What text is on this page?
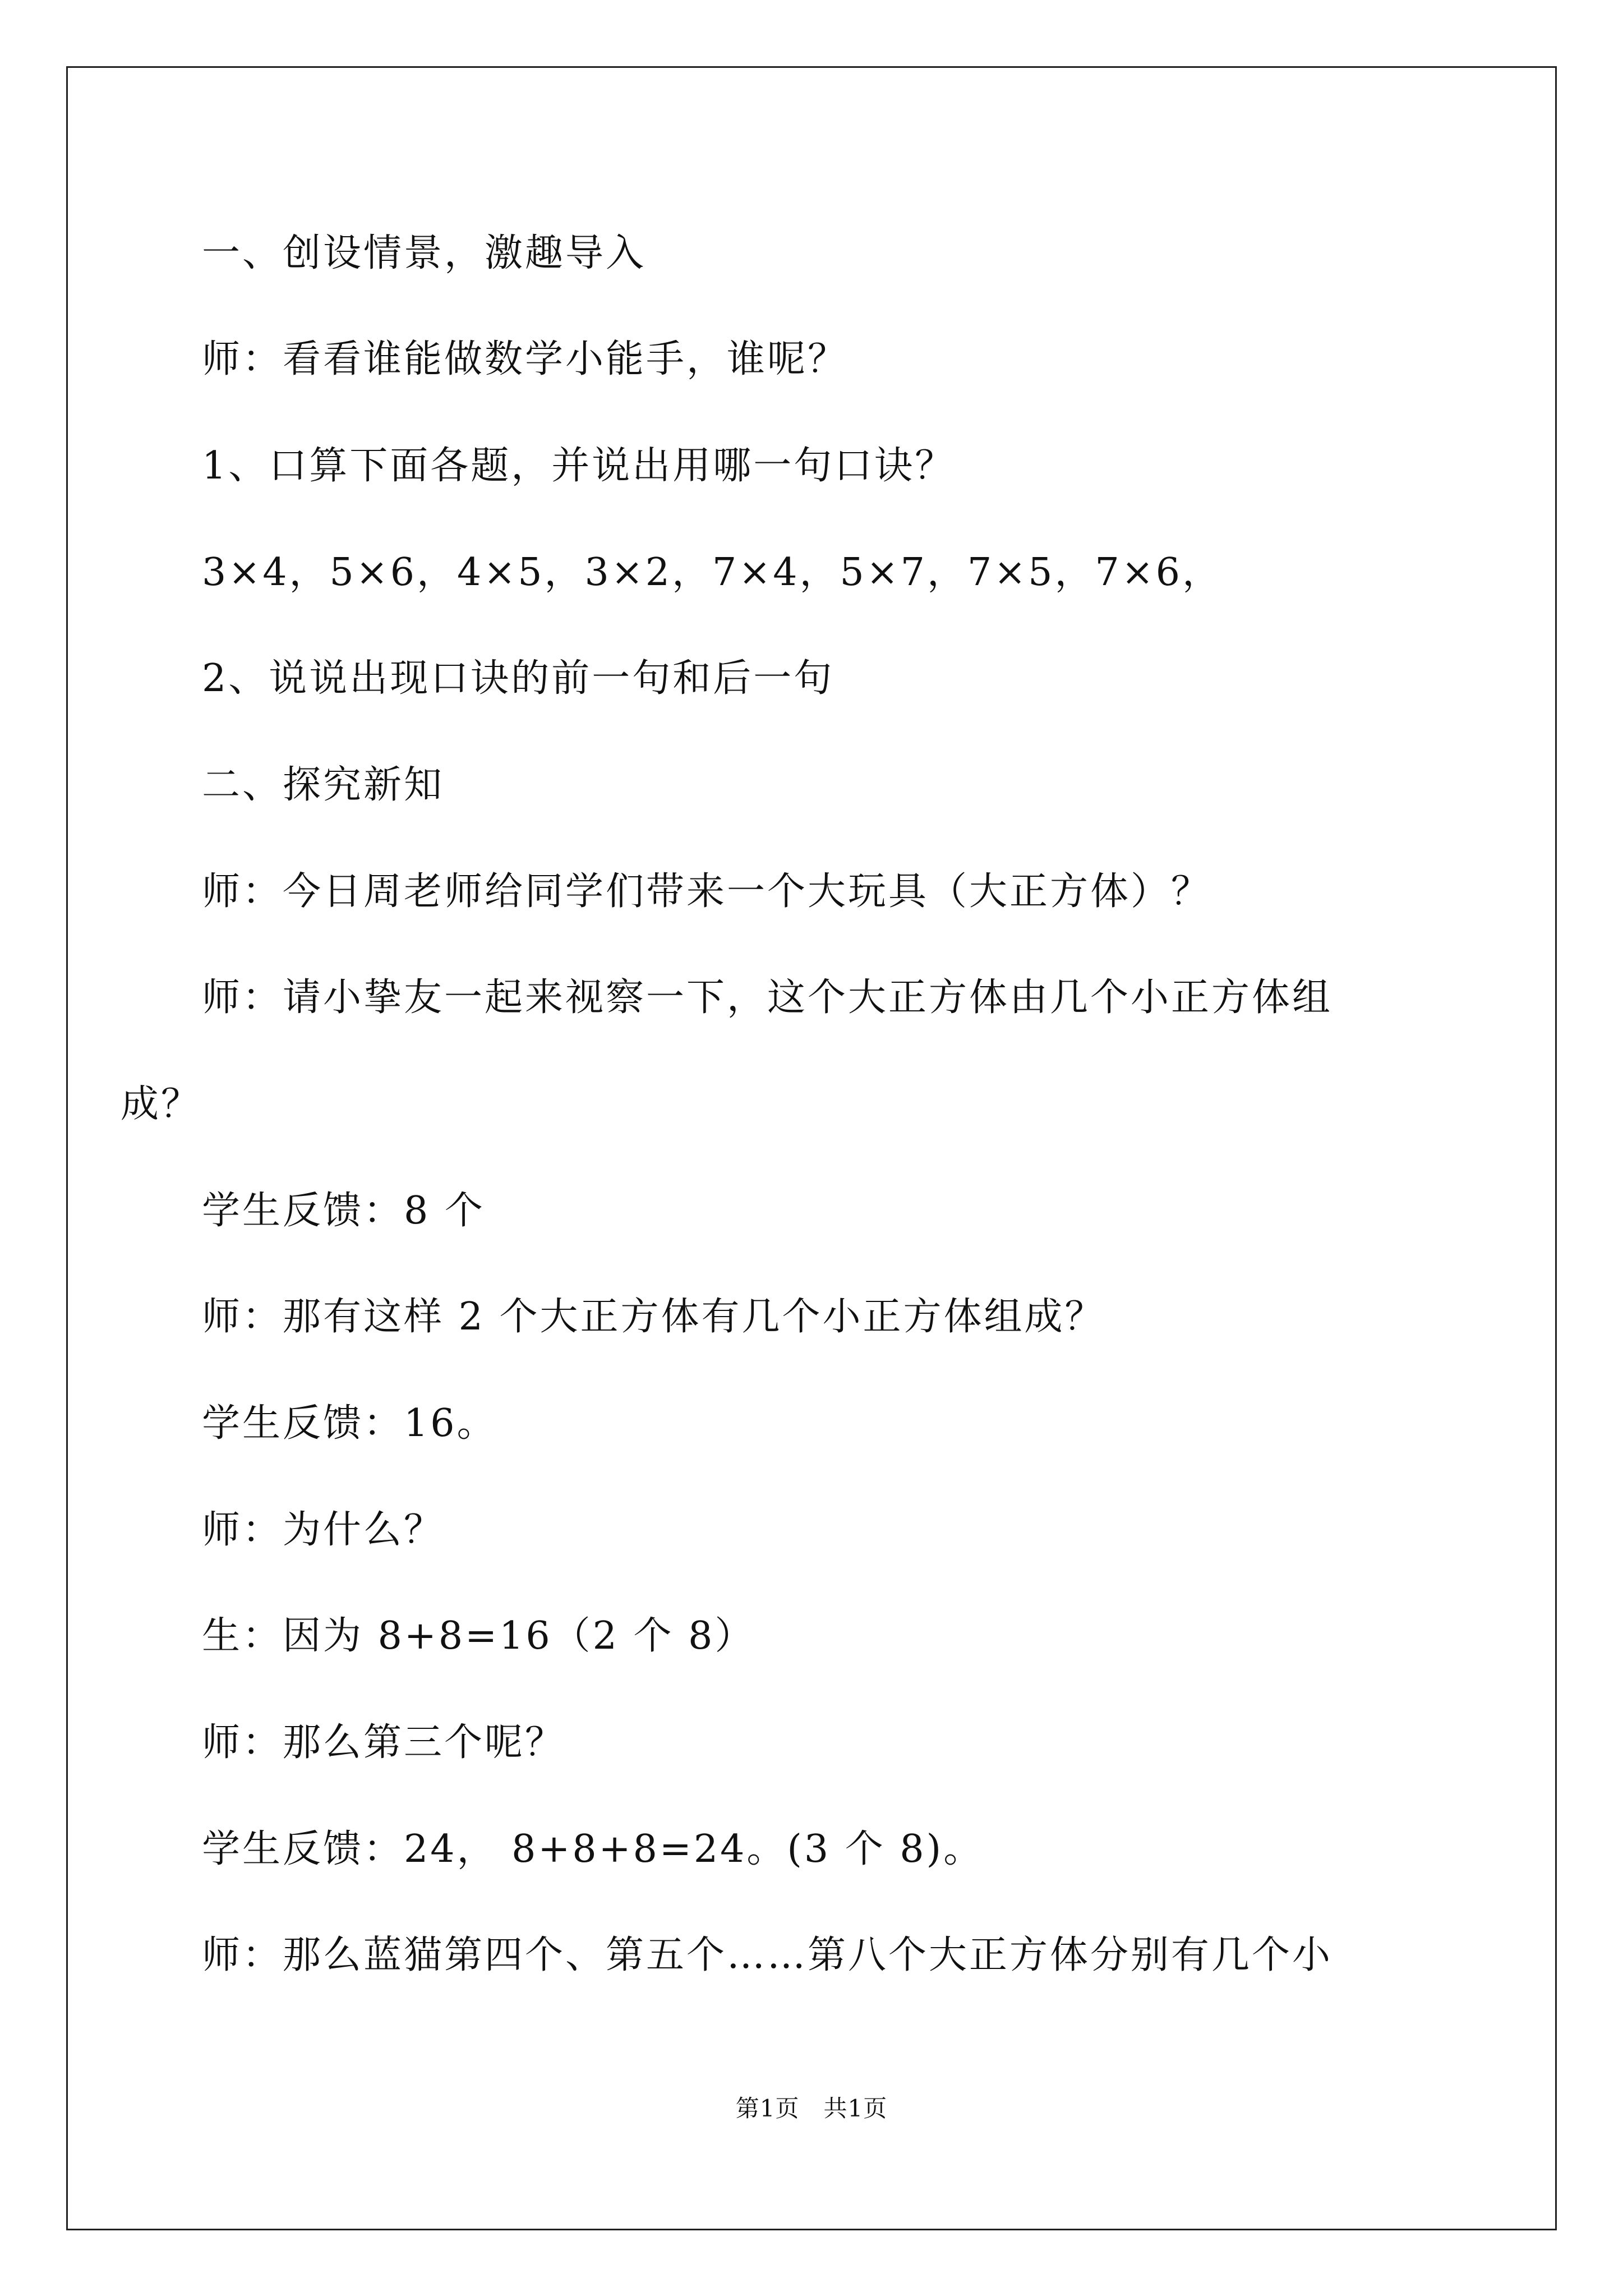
一、创设情景，激趣导入
师：看看谁能做数学小能手，谁呢？
1、口算下面各题，并说出用哪一句口诀？
3×4，5×6，4×5，3×2，7×4，5×7，7×5，7×6，
2、说说出现口诀的前一句和后一句
二、探究新知
师：今日周老师给同学们带来一个大玩具（大正方体）？
师：请小挚友一起来视察一下，这个大正方体由几个小正方体组
成？
学生反馈：8 个
师：那有这样 2 个大正方体有几个小正方体组成？
学生反馈：16。
师：为什么？
生：因为 8+8=16（2 个 8）
师：那么第三个呢？
学生反馈：24， 8+8+8=24。(3 个 8)。
师：那么蓝猫第四个、第五个……第八个大正方体分别有几个小
第1页　共1页
